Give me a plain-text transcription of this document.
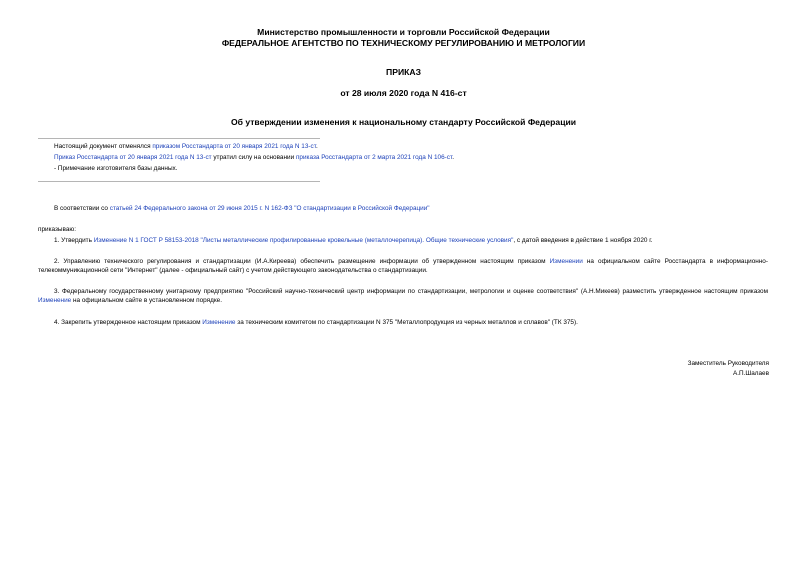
Министерство промышленности и торговли Российской Федерации
ФЕДЕРАЛЬНОЕ АГЕНТСТВО ПО ТЕХНИЧЕСКОМУ РЕГУЛИРОВАНИЮ И МЕТРОЛОГИИ
ПРИКАЗ
от 28 июля 2020 года N 416-ст
Об утверждении изменения к национальному стандарту Российской Федерации
Настоящий документ отменялся приказом Росстандарта от 20 января 2021 года N 13-ст.
Приказ Росстандарта от 20 января 2021 года N 13-ст утратил силу на основании приказа Росстандарта от 2 марта 2021 года N 106-ст.
- Примечание изготовителя базы данных.
В соответствии со статьей 24 Федерального закона от 29 июня 2015 г. N 162-ФЗ "О стандартизации в Российской Федерации"
приказываю:
1. Утвердить Изменение N 1 ГОСТ Р 58153-2018 "Листы металлические профилированные кровельные (металлочерепица). Общие технические условия", с датой введения в действие 1 ноября 2020 г.
2. Управлению технического регулирования и стандартизации (И.А.Киреева) обеспечить размещение информации об утвержденном настоящим приказом Изменении на официальном сайте Росстандарта в информационно-телекоммуникационной сети "Интернет" (далее - официальный сайт) с учетом действующего законодательства о стандартизации.
3. Федеральному государственному унитарному предприятию "Российский научно-технический центр информации по стандартизации, метрологии и оценке соответствия" (А.Н.Микеев) разместить утвержденное настоящим приказом Изменение на официальном сайте в установленном порядке.
4. Закрепить утвержденное настоящим приказом Изменение за техническим комитетом по стандартизации N 375 "Металлопродукция из черных металлов и сплавов" (ТК 375).
Заместитель Руководителя
А.П.Шалаев
